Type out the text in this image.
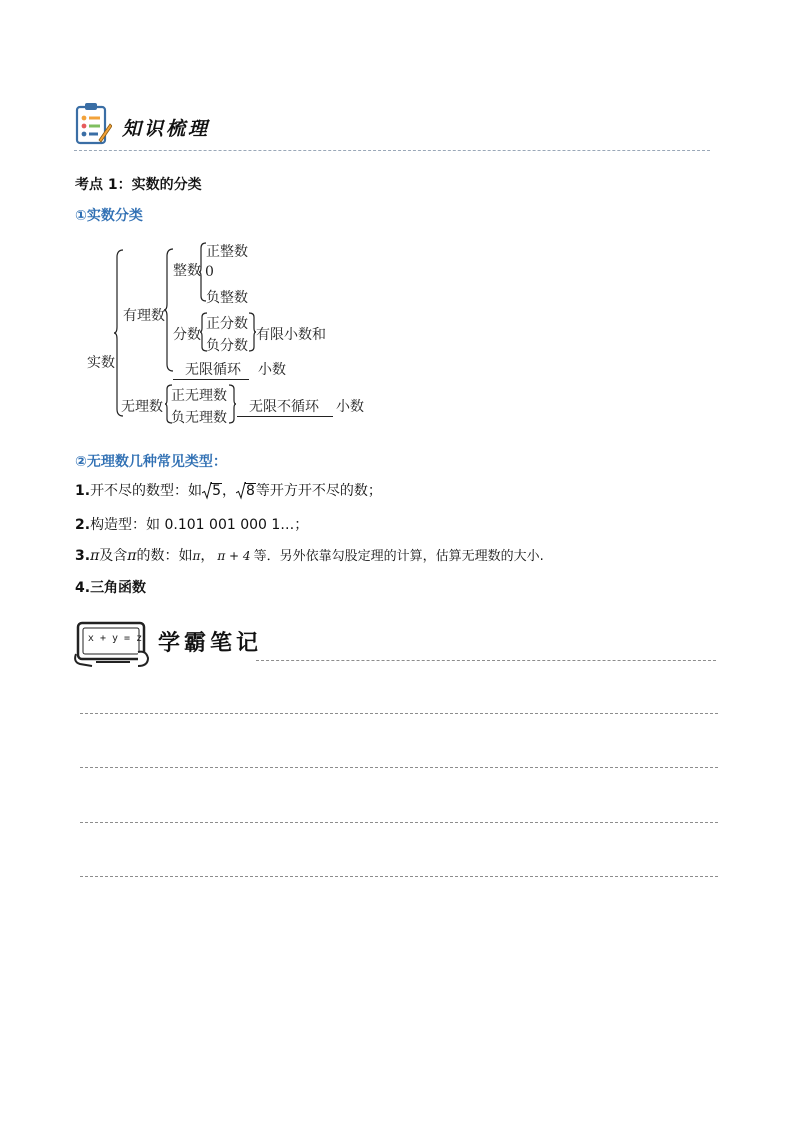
知识梳理
考点 1：实数的分类
①实数分类
实数
有理数
整数
正整数
0
负整数
分数
正分数
负分数
有限小数和
无限循环	小数
无理数
正无理数
负无理数
无限不循环	小数
②无理数几种常见类型：
1.开不尽的数型：如 5， 8等开方开不尽的数；
2.构造型：如 0.101 001 000 1…；
3.π及含π的数：如π， π + 4 等．另外依靠勾股定理的计算，估算无理数的大小.
4.三角函数
x + y = z 学霸笔记
